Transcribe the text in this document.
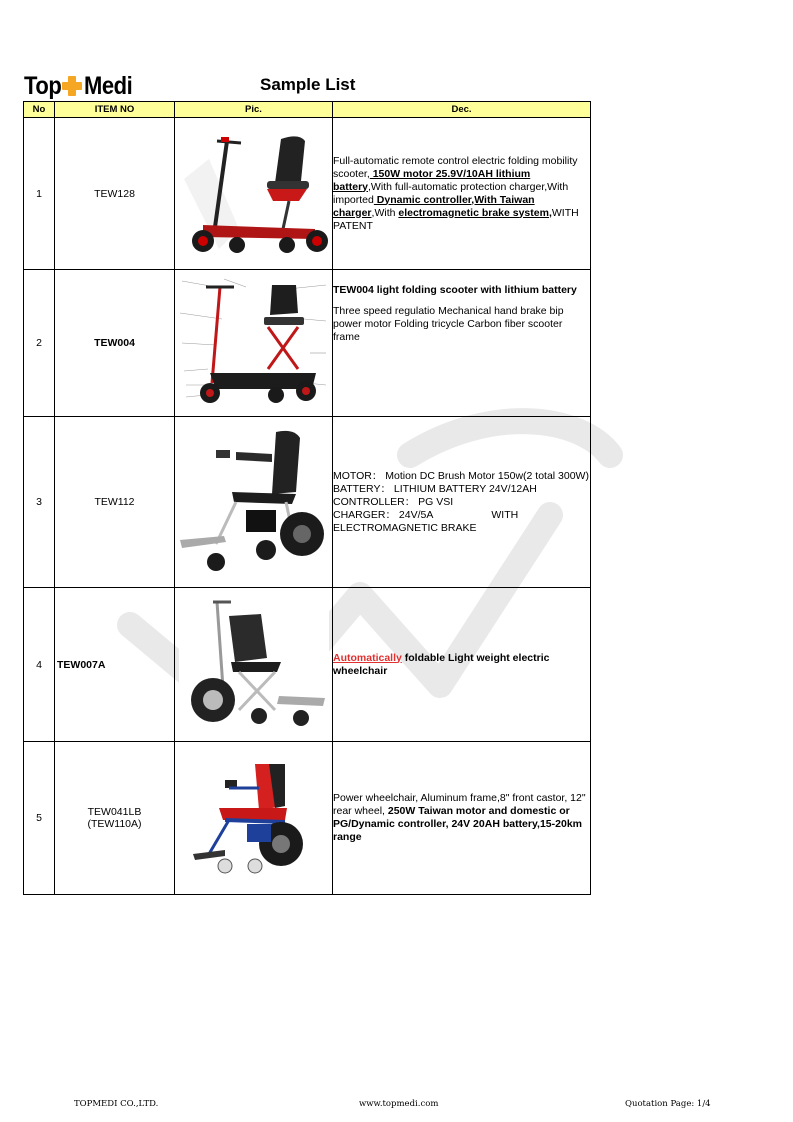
Top Medi	Sample List
No	ITEM NO	Pic.	Dec.
1	TEW128		Full-automatic remote control electric folding mobility scooter, 150W motor 25.9V/10AH lithium battery,With full-automatic protection charger,With imported Dynamic controller,With Taiwan charger,With electromagnetic brake system,WITH PATENT
2	TEW004		TEW004 light folding scooter with lithium battery
Three speed regulatio Mechanical hand brake bip power motor Folding tricycle Carbon fiber scooter frame

3	TEW112		MOTOR： Motion DC Brush Motor 150w(2 total 300W)
BATTERY： LITHIUM BATTERY 24V/12AH
CONTROLLER： PG VSI
CHARGER： 24V/5A WITH
ELECTROMAGNETIC BRAKE

4	TEW007A		Automatically foldable Light weight electric wheelchair
5	TEW041LB
(TEW110A)		Power wheelchair, Aluminum frame,8" front castor, 12" rear wheel, 250W Taiwan motor and domestic or PG/Dynamic controller, 24V 20AH battery,15-20km range
TOPMEDI CO.,LTD.	www.topmedi.com	Quotation Page: 1/4
